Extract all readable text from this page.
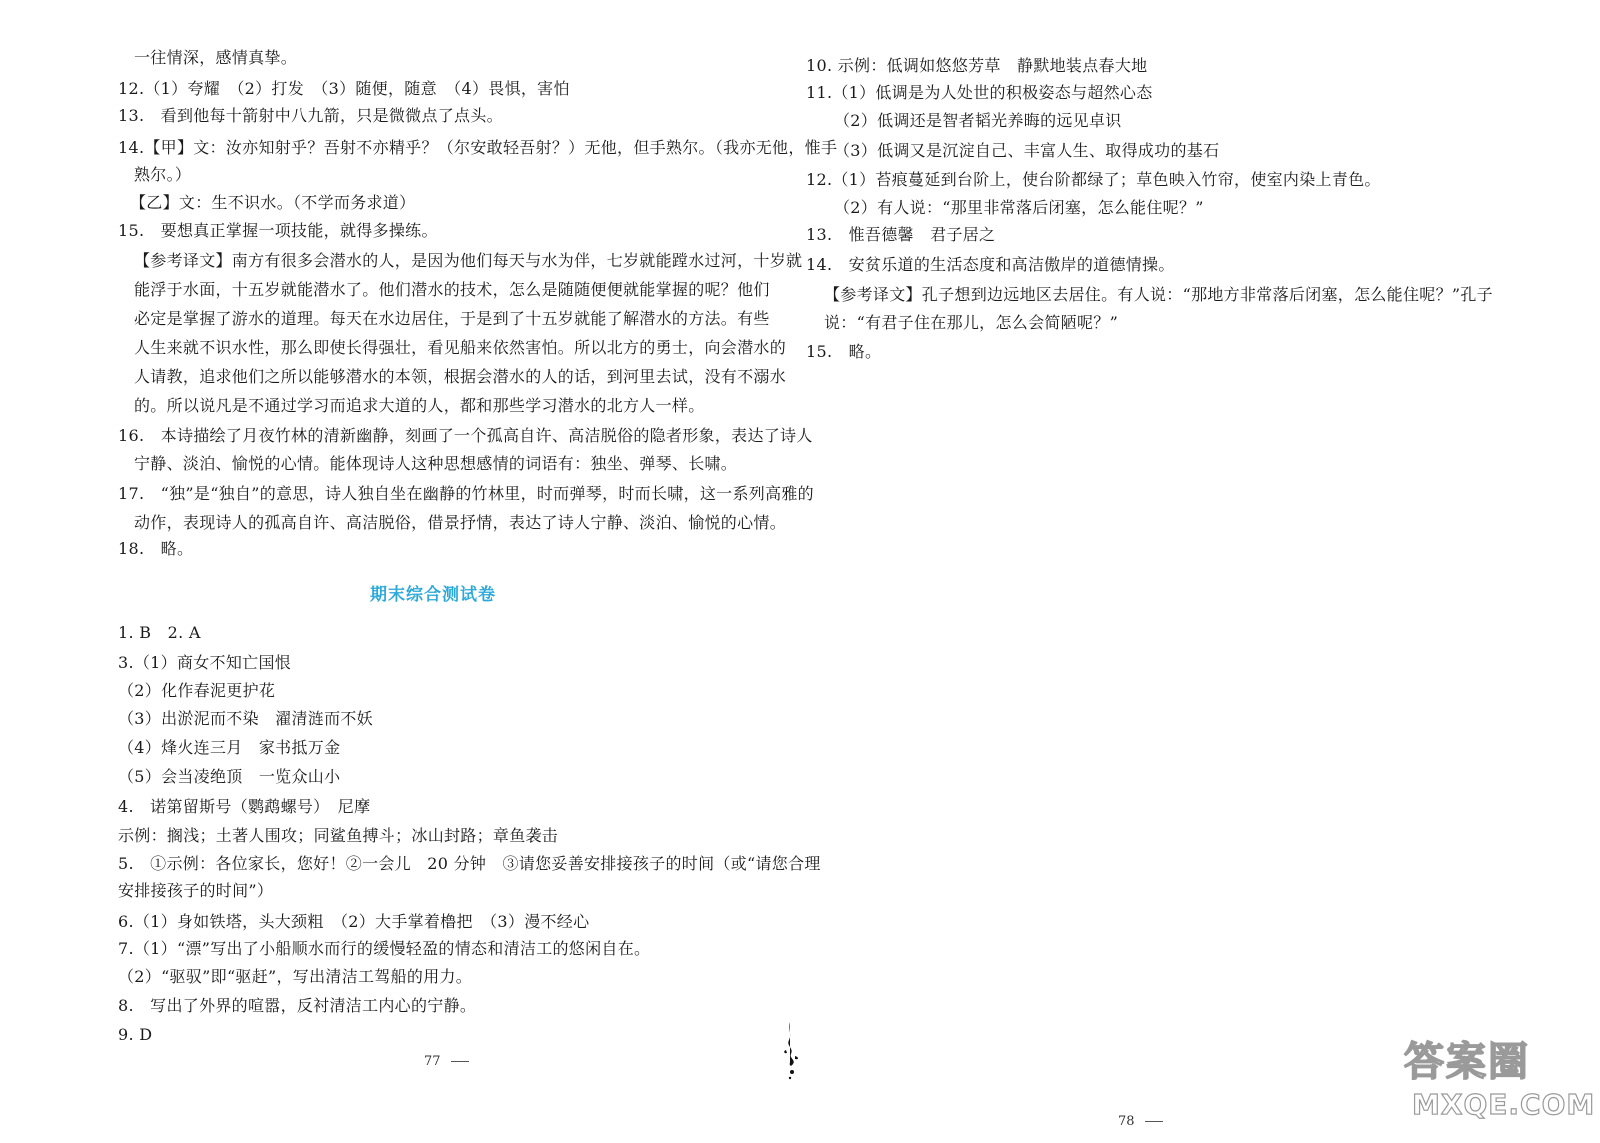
一往情深，感情真挚。
12.（1）夸耀　（2）打发　（3）随便，随意　（4）畏惧，害怕
13.　看到他每十箭射中八九箭，只是微微点了点头。
14.【甲】文：汝亦知射乎？吾射不亦精乎？（尔安敢轻吾射？）无他，但手熟尔。（我亦无他，惟手
熟尔。）
【乙】文：生不识水。（不学而务求道）
15.　要想真正掌握一项技能，就得多操练。
【参考译文】南方有很多会潜水的人，是因为他们每天与水为伴，七岁就能蹚水过河，十岁就
能浮于水面，十五岁就能潜水了。他们潜水的技术，怎么是随随便便就能掌握的呢？他们
必定是掌握了游水的道理。每天在水边居住，于是到了十五岁就能了解潜水的方法。有些
人生来就不识水性，那么即使长得强壮，看见船来依然害怕。所以北方的勇士，向会潜水的
人请教，追求他们之所以能够潜水的本领，根据会潜水的人的话，到河里去试，没有不溺水
的。所以说凡是不通过学习而追求大道的人，都和那些学习潜水的北方人一样。
16.　本诗描绘了月夜竹林的清新幽静，刻画了一个孤高自许、高洁脱俗的隐者形象，表达了诗人
宁静、淡泊、愉悦的心情。能体现诗人这种思想感情的词语有：独坐、弹琴、长啸。
17.　“独”是“独自”的意思，诗人独自坐在幽静的竹林里，时而弹琴，时而长啸，这一系列高雅的
动作，表现诗人的孤高自许、高洁脱俗，借景抒情，表达了诗人宁静、淡泊、愉悦的心情。
18.　略。
期末综合测试卷
1. B　2. A
3.（1）商女不知亡国恨
（2）化作春泥更护花
（3）出淤泥而不染　濯清涟而不妖
（4）烽火连三月　家书抵万金
（5）会当凌绝顶　一览众山小
4.　诺第留斯号（鹦鹉螺号）　尼摩
示例：搁浅；土著人围攻；同鲨鱼搏斗；冰山封路；章鱼袭击
5.　①示例：各位家长，您好！②一会儿　20 分钟　③请您妥善安排接孩子的时间（或“请您合理
安排接孩子的时间”）
6.（1）身如铁塔，头大颈粗　（2）大手掌着橹把　（3）漫不经心
7.（1）“漂”写出了小船顺水而行的缓慢轻盈的情态和清洁工的悠闲自在。
（2）“驱驭”即“驱赶”，写出清洁工驾船的用力。
8.　写出了外界的喧嚣，反衬清洁工内心的宁静。
9. D
77
10. 示例：低调如悠悠芳草　静默地装点春大地
11.（1）低调是为人处世的积极姿态与超然心态
（2）低调还是智者韬光养晦的远见卓识
（3）低调又是沉淀自己、丰富人生、取得成功的基石
12.（1）苔痕蔓延到台阶上，使台阶都绿了；草色映入竹帘，使室内染上青色。
（2）有人说：“那里非常落后闭塞，怎么能住呢？”
13.　惟吾德馨　君子居之
14.　安贫乐道的生活态度和高洁傲岸的道德情操。
【参考译文】孔子想到边远地区去居住。有人说：“那地方非常落后闭塞，怎么能住呢？”孔子
说：“有君子住在那儿，怎么会简陋呢？”
15.　略。
78
答案圈
MXQE.COM
